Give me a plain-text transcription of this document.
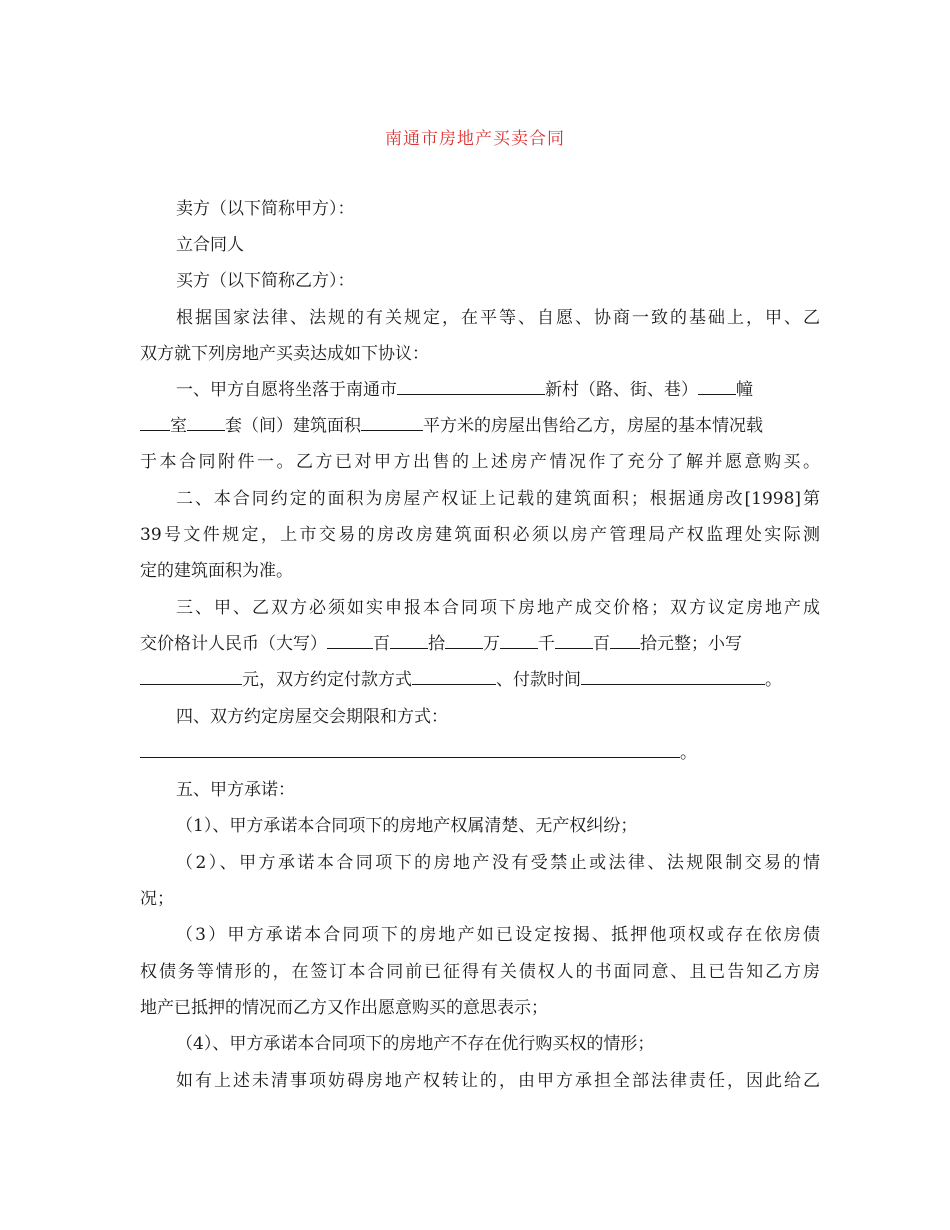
南通市房地产买卖合同
卖方（以下简称甲方）：
立合同人
买方（以下简称乙方）：
根据国家法律、法规的有关规定，在平等、自愿、协商一致的基础上，甲、乙
双方就下列房地产买卖达成如下协议：
一、甲方自愿将坐落于南通市	新村（路、街、巷） 幢
室 套（间）建筑面积	平方米的房屋出售给乙方，房屋的基本情况载
于本合同附件一。乙方已对甲方出售的上述房产情况作了充分了解并愿意购买。
二、本合同约定的面积为房屋产权证上记载的建筑面积；根据通房改[1998]第
39号文件规定，上市交易的房改房建筑面积必须以房产管理局产权监理处实际测
定的建筑面积为准。
三、甲、乙双方必须如实申报本合同项下房地产成交价格；双方议定房地产成
交价格计人民币（大写）	百 拾 万 千 百 拾元整；小写
元，双方约定付款方式	、付款时间	。
四、双方约定房屋交会期限和方式：
。
五、甲方承诺：
（1）、甲方承诺本合同项下的房地产权属清楚、无产权纠纷；
（2）、甲方承诺本合同项下的房地产没有受禁止或法律、法规限制交易的情
况；
（3）甲方承诺本合同项下的房地产如已设定按揭、抵押他项权或存在依房债
权债务等情形的，在签订本合同前已征得有关债权人的书面同意、且已告知乙方房
地产已抵押的情况而乙方又作出愿意购买的意思表示；
（4）、甲方承诺本合同项下的房地产不存在优行购买权的情形；
如有上述未清事项妨碍房地产权转让的，由甲方承担全部法律责任，因此给乙
